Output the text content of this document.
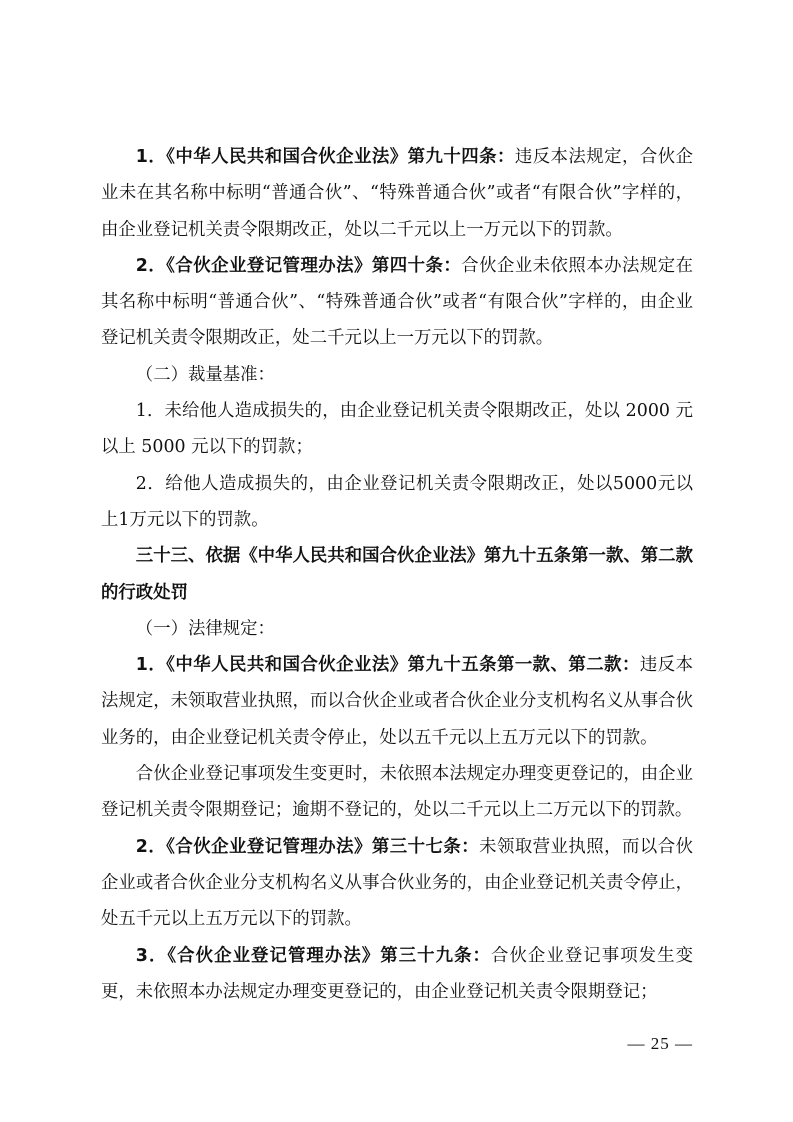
1．《中华人民共和国合伙企业法》第九十四条：违反本法规定，合伙企业未在其名称中标明“普通合伙”、“特殊普通合伙”或者“有限合伙”字样的，由企业登记机关责令限期改正，处以二千元以上一万元以下的罚款。

2．《合伙企业登记管理办法》第四十条：合伙企业未依照本办法规定在其名称中标明“普通合伙”、“特殊普通合伙”或者“有限合伙”字样的，由企业登记机关责令限期改正，处二千元以上一万元以下的罚款。

（二）裁量基准：

1．未给他人造成损失的，由企业登记机关责令限期改正，处以 2000 元以上 5000 元以下的罚款；

2．给他人造成损失的，由企业登记机关责令限期改正，处以5000元以上1万元以下的罚款。

三十三、依据《中华人民共和国合伙企业法》第九十五条第一款、第二款的行政处罚

（一）法律规定：

1．《中华人民共和国合伙企业法》第九十五条第一款、第二款：违反本法规定，未领取营业执照，而以合伙企业或者合伙企业分支机构名义从事合伙业务的，由企业登记机关责令停止，处以五千元以上五万元以下的罚款。

合伙企业登记事项发生变更时，未依照本法规定办理变更登记的，由企业登记机关责令限期登记；逾期不登记的，处以二千元以上二万元以下的罚款。

2．《合伙企业登记管理办法》第三十七条：未领取营业执照，而以合伙企业或者合伙企业分支机构名义从事合伙业务的，由企业登记机关责令停止，处五千元以上五万元以下的罚款。

3．《合伙企业登记管理办法》第三十九条：合伙企业登记事项发生变更，未依照本办法规定办理变更登记的，由企业登记机关责令限期登记；

— 25 —
